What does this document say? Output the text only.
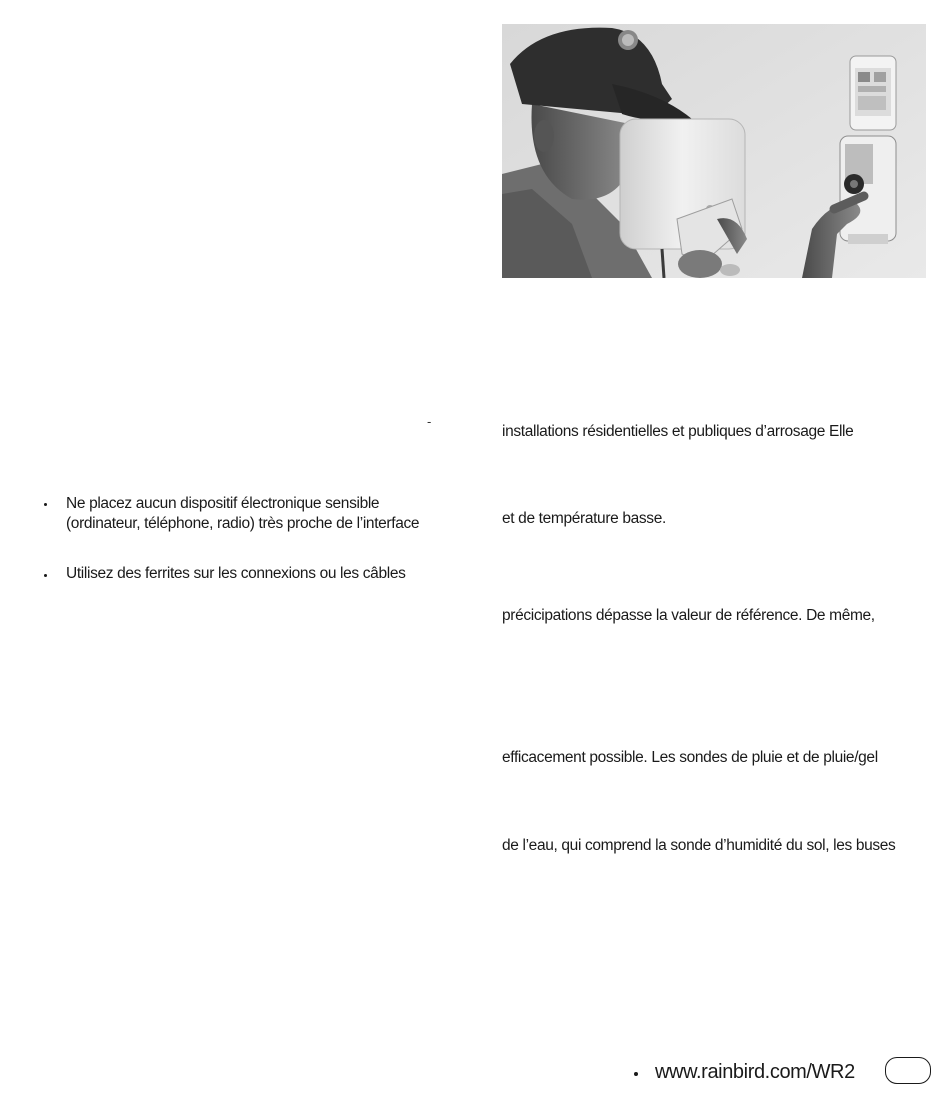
-
Ne placez aucun dispositif électronique sensible
(ordinateur, téléphone, radio) très proche de l’interface
Utilisez des ferrites sur les connexions ou les câbles
installations résidentielles et publiques d’arrosage Elle
et de température basse.
précicipations dépasse la valeur de référence. De même,
efficacement possible. Les sondes de pluie et de pluie/gel
de l’eau, qui comprend la sonde d’humidité du sol, les buses
www.rainbird.com/WR2
